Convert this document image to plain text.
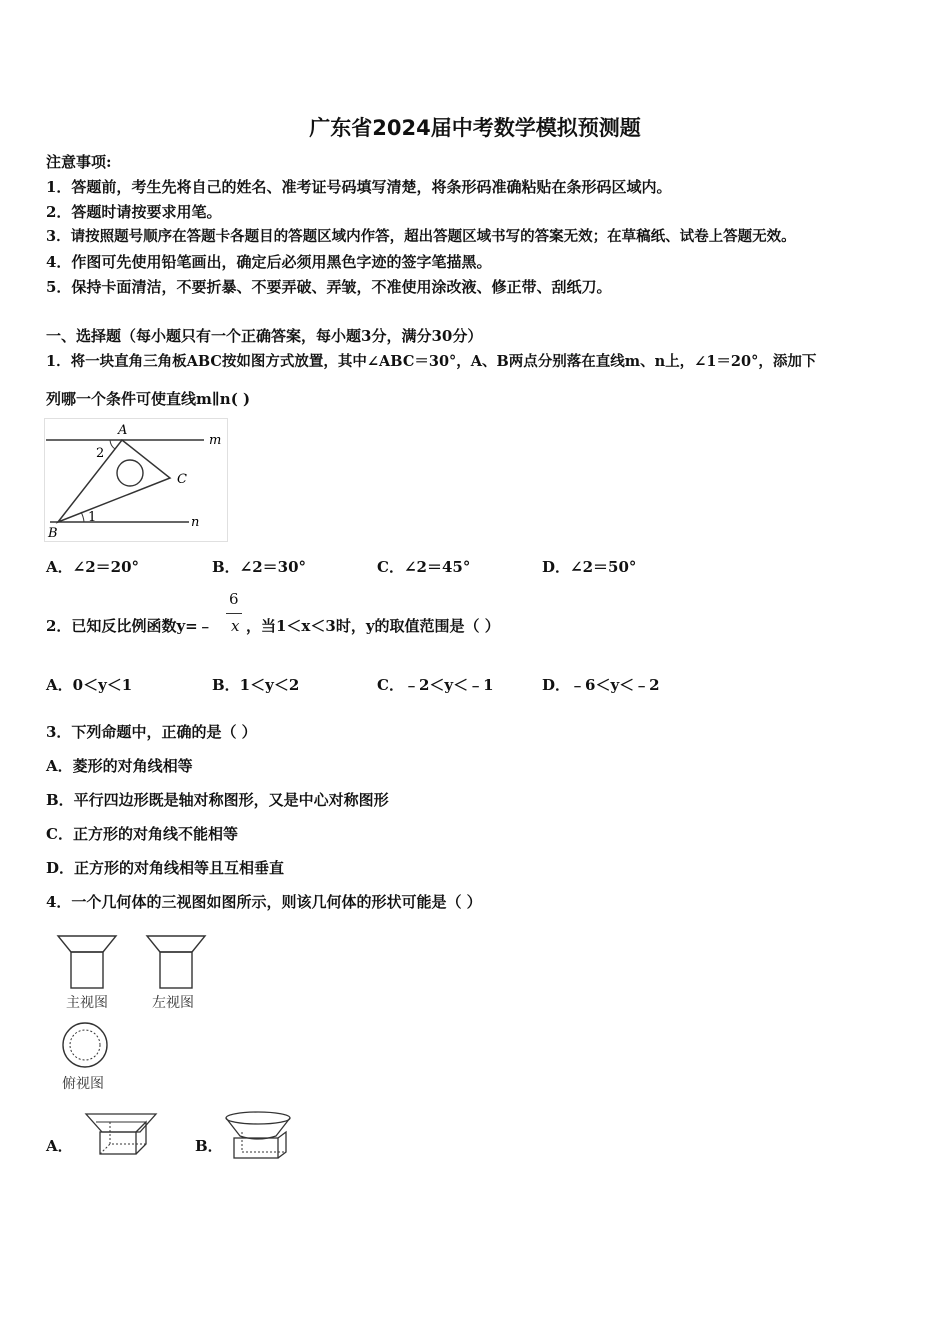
广东省2024届中考数学模拟预测题
注意事项:
1．答题前，考生先将自己的姓名、准考证号码填写清楚，将条形码准确粘贴在条形码区域内。
2．答题时请按要求用笔。
3．请按照题号顺序在答题卡各题目的答题区域内作答，超出答题区域书写的答案无效；在草稿纸、试卷上答题无效。
4．作图可先使用铅笔画出，确定后必须用黑色字迹的签字笔描黑。
5．保持卡面清洁，不要折暴、不要弄破、弄皱，不准使用涂改液、修正带、刮纸刀。
一、选择题（每小题只有一个正确答案，每小题3分，满分30分）
1．将一块直角三角板ABC按如图方式放置，其中∠ABC＝30°，A、B两点分别落在直线m、n上，∠1＝20°，添加下
列哪一个条件可使直线m∥n( )
A
B
C
m
n
1
2
A．∠2＝20°	B．∠2＝30°	C．∠2＝45°	D．∠2＝50°
2．已知反比例函数y=﹣
6
x ，当1＜x＜3时，y的取值范围是（ ）
A．0＜y＜1	B．1＜y＜2	C．﹣2＜y＜﹣1	D．﹣6＜y＜﹣2
3．下列命题中，正确的是（ ）
A．菱形的对角线相等
B．平行四边形既是轴对称图形，又是中心对称图形
C．正方形的对角线不能相等
D．正方形的对角线相等且互相垂直
4．一个几何体的三视图如图所示，则该几何体的形状可能是（ ）
主视图	左视图
俯视图
A．	B．
